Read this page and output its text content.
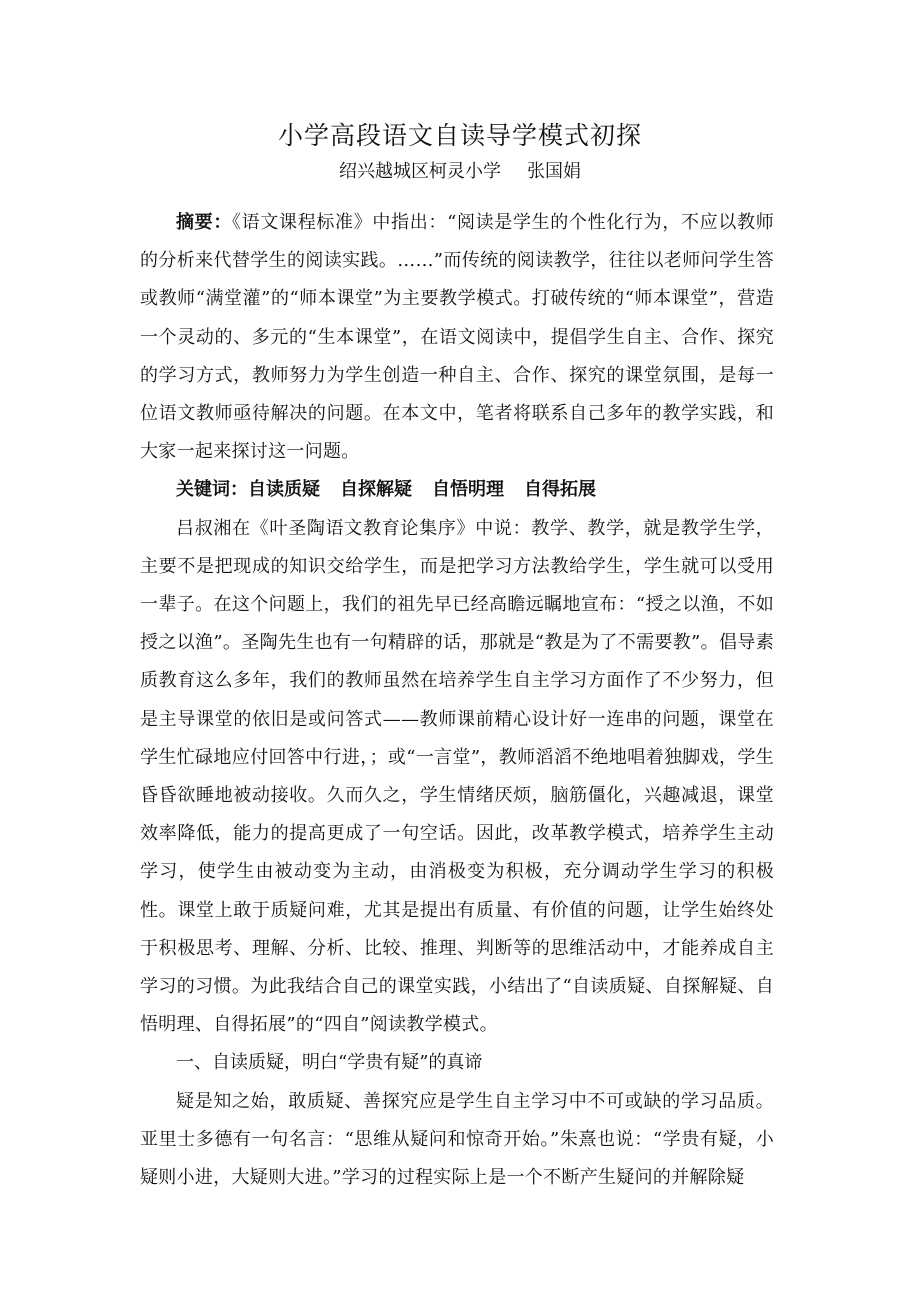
小学高段语文自读导学模式初探
绍兴越城区柯灵小学 张国娟

摘要：《语文课程标准》中指出：“阅读是学生的个性化行为，不应以教师的分析来代替学生的阅读实践。……”而传统的阅读教学，往往以老师问学生答或教师“满堂灌”的“师本课堂”为主要教学模式。打破传统的“师本课堂”，营造一个灵动的、多元的“生本课堂”，在语文阅读中，提倡学生自主、合作、探究的学习方式，教师努力为学生创造一种自主、合作、探究的课堂氛围，是每一位语文教师亟待解决的问题。在本文中，笔者将联系自己多年的教学实践，和大家一起来探讨这一问题。

关键词：自读质疑 自探解疑 自悟明理 自得拓展

吕叔湘在《叶圣陶语文教育论集序》中说：教学、教学，就是教学生学，主要不是把现成的知识交给学生，而是把学习方法教给学生，学生就可以受用一辈子。在这个问题上，我们的祖先早已经高瞻远瞩地宣布：“授之以渔，不如授之以渔”。圣陶先生也有一句精辟的话，那就是“教是为了不需要教”。倡导素质教育这么多年，我们的教师虽然在培养学生自主学习方面作了不少努力，但是主导课堂的依旧是或问答式——教师课前精心设计好一连串的问题，课堂在学生忙碌地应付回答中行进，；或“一言堂”，教师滔滔不绝地唱着独脚戏，学生昏昏欲睡地被动接收。久而久之，学生情绪厌烦，脑筋僵化，兴趣减退，课堂效率降低，能力的提高更成了一句空话。因此，改革教学模式，培养学生主动学习，使学生由被动变为主动，由消极变为积极，充分调动学生学习的积极性。课堂上敢于质疑问难，尤其是提出有质量、有价值的问题，让学生始终处于积极思考、理解、分析、比较、推理、判断等的思维活动中，才能养成自主学习的习惯。为此我结合自己的课堂实践，小结出了“自读质疑、自探解疑、自悟明理、自得拓展”的“四自”阅读教学模式。

一、自读质疑，明白“学贵有疑”的真谛

疑是知之始，敢质疑、善探究应是学生自主学习中不可或缺的学习品质。亚里士多德有一句名言：“思维从疑问和惊奇开始。”朱熹也说：“学贵有疑，小疑则小进，大疑则大进。”学习的过程实际上是一个不断产生疑问的并解除疑
